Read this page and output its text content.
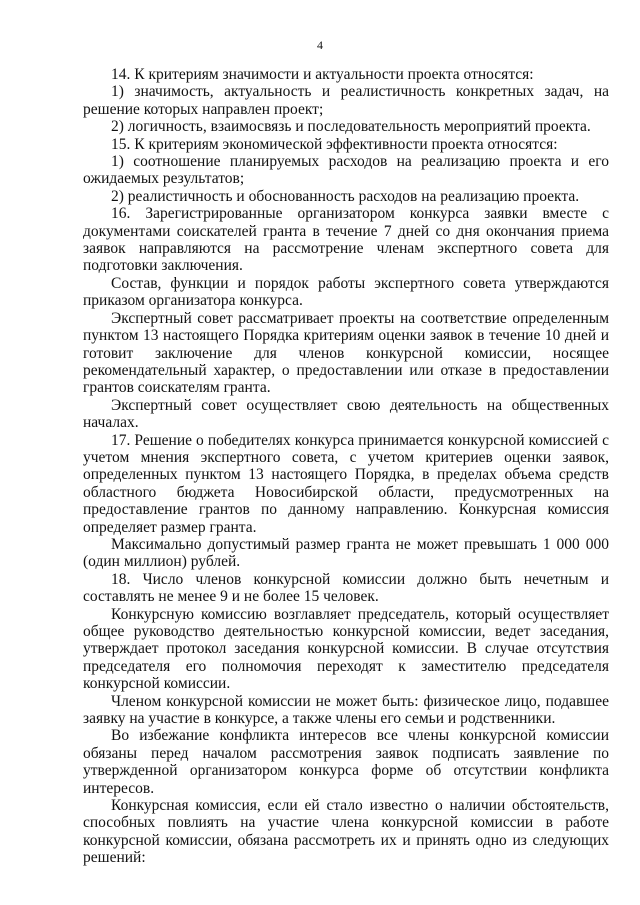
4

14. К критериям значимости и актуальности проекта относятся:

1) значимость, актуальность и реалистичность конкретных задач, на решение которых направлен проект;

2) логичность, взаимосвязь и последовательность мероприятий проекта.

15. К критериям экономической эффективности проекта относятся:

1) соотношение планируемых расходов на реализацию проекта и его ожидаемых результатов;

2) реалистичность и обоснованность расходов на реализацию проекта.

16. Зарегистрированные организатором конкурса заявки вместе с документами соискателей гранта в течение 7 дней со дня окончания приема заявок направляются на рассмотрение членам экспертного совета для подготовки заключения.

Состав, функции и порядок работы экспертного совета утверждаются приказом организатора конкурса.

Экспертный совет рассматривает проекты на соответствие определенным пунктом 13 настоящего Порядка критериям оценки заявок в течение 10 дней и готовит заключение для членов конкурсной комиссии, носящее рекомендательный характер, о предоставлении или отказе в предоставлении грантов соискателям гранта.

Экспертный совет осуществляет свою деятельность на общественных началах.

17. Решение о победителях конкурса принимается конкурсной комиссией с учетом мнения экспертного совета, с учетом критериев оценки заявок, определенных пунктом 13 настоящего Порядка, в пределах объема средств областного бюджета Новосибирской области, предусмотренных на предоставление грантов по данному направлению. Конкурсная комиссия определяет размер гранта.

Максимально допустимый размер гранта не может превышать 1 000 000 (один миллион) рублей.

18. Число членов конкурсной комиссии должно быть нечетным и составлять не менее 9 и не более 15 человек.

Конкурсную комиссию возглавляет председатель, который осуществляет общее руководство деятельностью конкурсной комиссии, ведет заседания, утверждает протокол заседания конкурсной комиссии. В случае отсутствия председателя его полномочия переходят к заместителю председателя конкурсной комиссии.

Членом конкурсной комиссии не может быть: физическое лицо, подавшее заявку на участие в конкурсе, а также члены его семьи и родственники.

Во избежание конфликта интересов все члены конкурсной комиссии обязаны перед началом рассмотрения заявок подписать заявление по утвержденной организатором конкурса форме об отсутствии конфликта интересов.

Конкурсная комиссия, если ей стало известно о наличии обстоятельств, способных повлиять на участие члена конкурсной комиссии в работе конкурсной комиссии, обязана рассмотреть их и принять одно из следующих решений:
